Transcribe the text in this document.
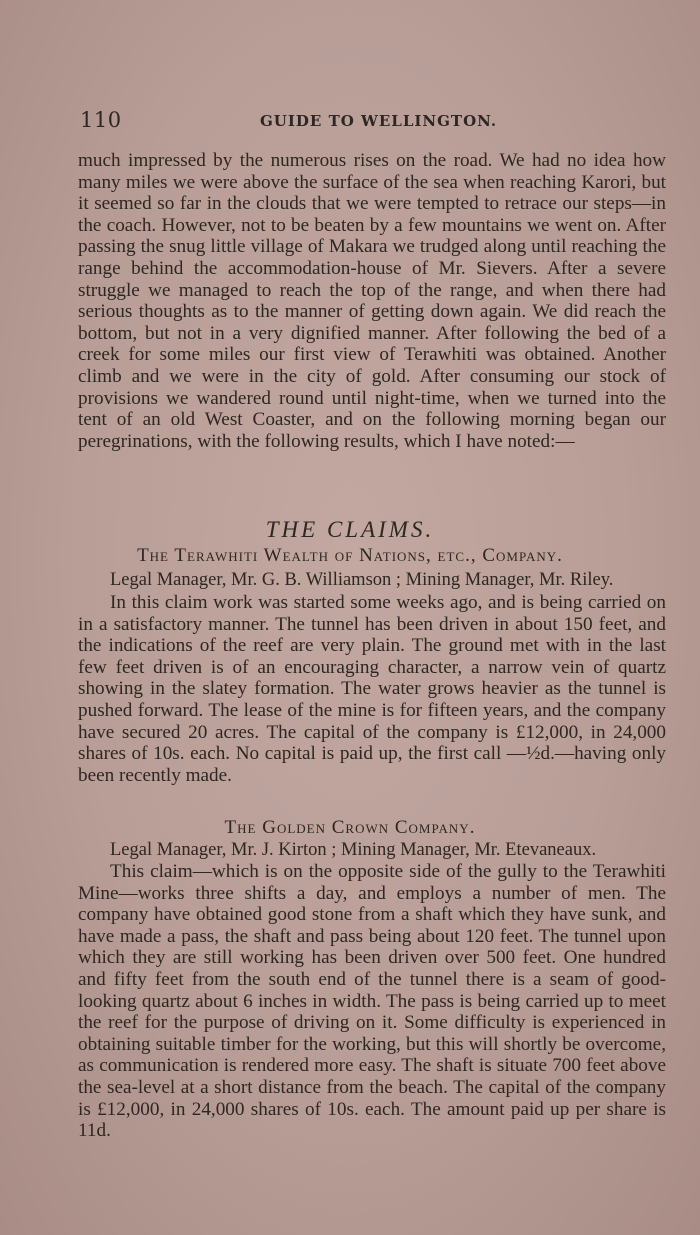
110	GUIDE TO WELLINGTON.

much impressed by the numerous rises on the road. We had no idea how many miles we were above the surface of the sea when reaching Karori, but it seemed so far in the clouds that we were tempted to retrace our steps—in the coach. However, not to be beaten by a few mountains we went on. After passing the snug little village of Makara we trudged along until reaching the range behind the accommodation-house of Mr. Sievers. After a severe struggle we managed to reach the top of the range, and when there had serious thoughts as to the manner of getting down again. We did reach the bottom, but not in a very dignified manner. After following the bed of a creek for some miles our first view of Terawhiti was obtained. Another climb and we were in the city of gold. After consuming our stock of provisions we wandered round until night-time, when we turned into the tent of an old West Coaster, and on the following morning began our peregrinations, with the following results, which I have noted:—

THE CLAIMS.
The Terawhiti Wealth of Nations, etc., Company.
Legal Manager, Mr. G. B. Williamson ; Mining Manager, Mr. Riley.

In this claim work was started some weeks ago, and is being carried on in a satisfactory manner. The tunnel has been driven in about 150 feet, and the indications of the reef are very plain. The ground met with in the last few feet driven is of an encouraging character, a narrow vein of quartz showing in the slatey formation. The water grows heavier as the tunnel is pushed forward. The lease of the mine is for fifteen years, and the company have secured 20 acres. The capital of the company is £12,000, in 24,000 shares of 10s. each. No capital is paid up, the first call —½d.—having only been recently made.

The Golden Crown Company.
Legal Manager, Mr. J. Kirton ; Mining Manager, Mr. Etevaneaux.

This claim—which is on the opposite side of the gully to the Terawhiti Mine—works three shifts a day, and employs a number of men. The company have obtained good stone from a shaft which they have sunk, and have made a pass, the shaft and pass being about 120 feet. The tunnel upon which they are still working has been driven over 500 feet. One hundred and fifty feet from the south end of the tunnel there is a seam of good-looking quartz about 6 inches in width. The pass is being carried up to meet the reef for the purpose of driving on it. Some difficulty is experienced in obtaining suitable timber for the working, but this will shortly be overcome, as communication is rendered more easy. The shaft is situate 700 feet above the sea-level at a short distance from the beach. The capital of the company is £12,000, in 24,000 shares of 10s. each. The amount paid up per share is 11d.
